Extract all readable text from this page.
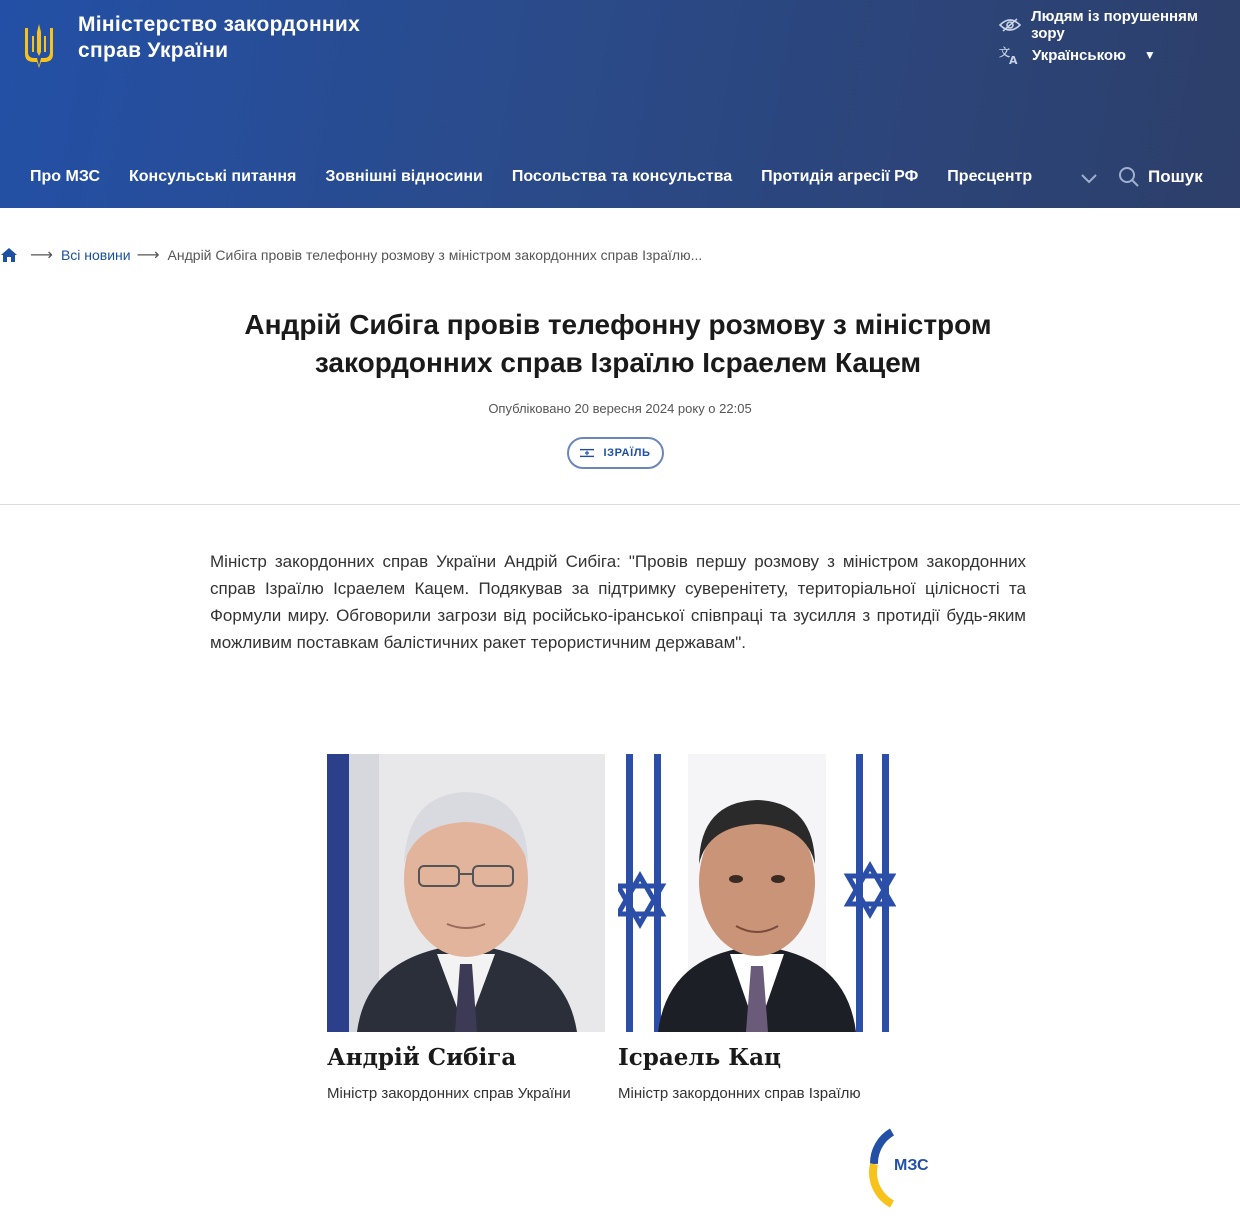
Міністерство закордонних
справ України
Людям із порушенням зору
文
A Українською ▼
Про МЗС Консульські питання Зовнішні відносини Посольства та консульства Протидія агресії РФ Пресцентр	Пошук
⟶ Всі новини ⟶ Андрій Сибіга провів телефонну розмову з міністром закордонних справ Ізраїлю...
Андрій Сибіга провів телефонну розмову з міністром закордонних справ Ізраїлю Ісраелем Кацем
Опубліковано 20 вересня 2024 року о 22:05
ІЗРАЇЛЬ

Міністр закордонних справ України Андрій Сибіга: "Провів першу розмову з міністром закордонних справ Ізраїлю Ісраелем Кацем. Подякував за підтримку суверенітету, територіальної цілісності та Формули миру. Обговорили загрози від російсько-іранської співпраці та зусилля з протидії будь-яким можливим поставкам балістичних ракет терористичним державам".

Андрій Сибіга
Міністр закордонних справ України
Ісраель Кац
Міністр закордонних справ Ізраїлю
МЗС
